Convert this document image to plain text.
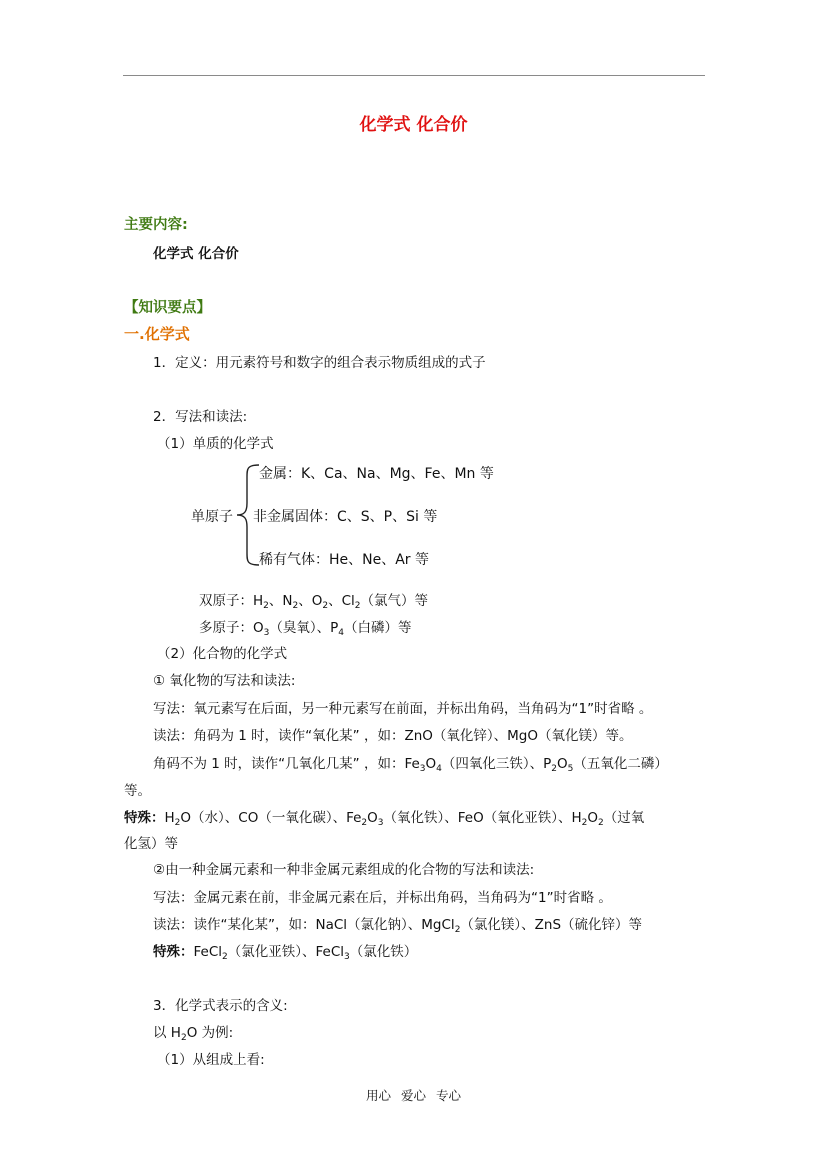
化学式 化合价
主要内容:
化学式 化合价
【知识要点】
一.化学式
1．定义：用元素符号和数字的组合表示物质组成的式子
2．写法和读法:
（1）单质的化学式
单原子
金属：K、Ca、Na、Mg、Fe、Mn 等
非金属固体：C、S、P、Si 等
稀有气体：He、Ne、Ar 等
双原子：$H_2$、$N_2$、$O_2$、$Cl_2$（氯气）等
多原子：$O_3$（臭氧）、$P_4$（白磷）等
（2）化合物的化学式
① 氧化物的写法和读法:
写法：氧元素写在后面，另一种元素写在前面，并标出角码，当角码为“1”时省略 。
读法：角码为 1 时，读作“氧化某” ，如：ZnO（氧化锌）、MgO（氧化镁）等。
角码不为 1 时，读作“几氧化几某” ，如：$Fe_3O_4$（四氧化三铁）、$P_2O_5$（五氧化二磷）
等。
特殊：$H_2O$（水）、CO（一氧化碳）、$Fe_2O_3$（氧化铁）、FeO（氧化亚铁）、$H_2O_2$（过氧
化氢）等
②由一种金属元素和一种非金属元素组成的化合物的写法和读法:
写法：金属元素在前，非金属元素在后，并标出角码，当角码为“1”时省略 。
读法：读作“某化某”，如：NaCl（氯化钠）、MgCl$_2$（氯化镁）、ZnS（硫化锌）等
特殊：FeCl$_2$（氯化亚铁）、FeCl$_3$（氯化铁）
3．化学式表示的含义:
以 $H_2O$ 为例:
（1）从组成上看:
用心 爱心 专心
